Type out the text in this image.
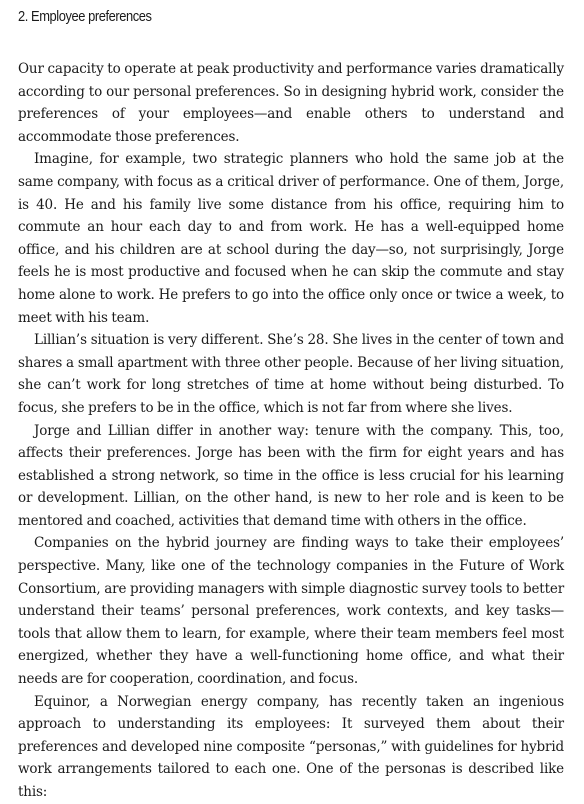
2. Employee preferences

Our capacity to operate at peak productivity and performance varies dramatically according to our personal preferences. So in designing hybrid work, consider the preferences of your employees—and enable others to understand and accommodate those preferences.

Imagine, for example, two strategic planners who hold the same job at the same company, with focus as a critical driver of performance. One of them, Jorge, is 40. He and his family live some distance from his office, requiring him to commute an hour each day to and from work. He has a well-equipped home office, and his children are at school during the day—so, not surprisingly, Jorge feels he is most productive and focused when he can skip the commute and stay home alone to work. He prefers to go into the office only once or twice a week, to meet with his team.

Lillian’s situation is very different. She’s 28. She lives in the center of town and shares a small apartment with three other people. Because of her living situation, she can’t work for long stretches of time at home without being disturbed. To focus, she prefers to be in the office, which is not far from where she lives.

Jorge and Lillian differ in another way: tenure with the company. This, too, affects their preferences. Jorge has been with the firm for eight years and has established a strong network, so time in the office is less crucial for his learning or development. Lillian, on the other hand, is new to her role and is keen to be mentored and coached, activities that demand time with others in the office.

Companies on the hybrid journey are finding ways to take their employees’ perspective. Many, like one of the technology companies in the Future of Work Consortium, are providing managers with simple diagnostic survey tools to better understand their teams’ personal preferences, work contexts, and key tasks—tools that allow them to learn, for example, where their team members feel most energized, whether they have a well-functioning home office, and what their needs are for cooperation, coordination, and focus.

Equinor, a Norwegian energy company, has recently taken an ingenious approach to understanding its employees: It surveyed them about their preferences and developed nine composite “personas,” with guidelines for hybrid work arrangements tailored to each one. One of the personas is described like this:
